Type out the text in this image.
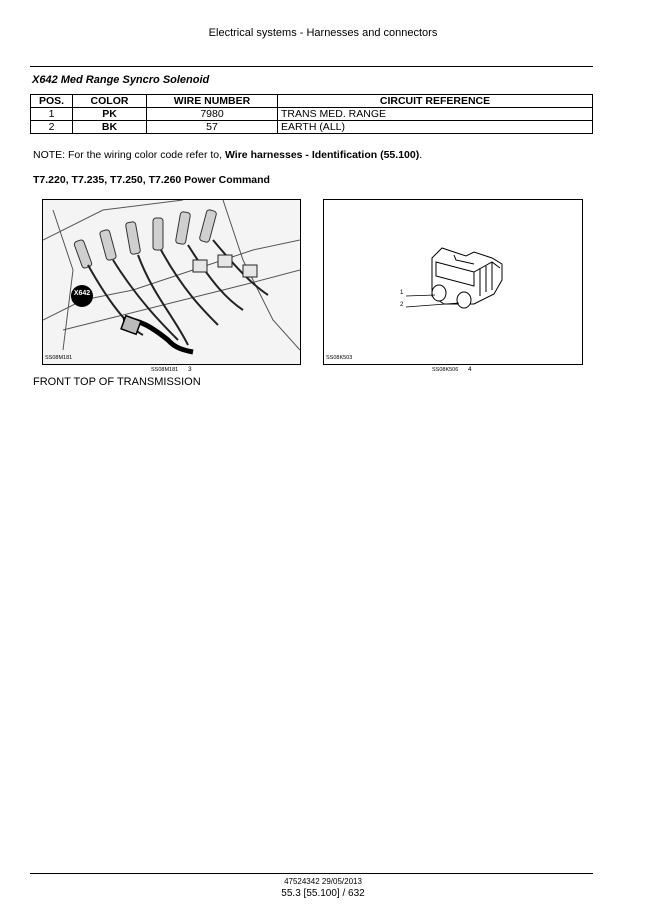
Electrical systems - Harnesses and connectors
X642 Med Range Syncro Solenoid
POS.	COLOR	WIRE NUMBER	CIRCUIT REFERENCE
1	PK	7980	TRANS MED. RANGE
2	BK	57	EARTH (ALL)
NOTE: For the wiring color code refer to, Wire harnesses - Identification (55.100).
T7.220, T7.235, T7.250, T7.260 Power Command
SS08M181
X642
SS08M181 3
1
2
SS08K503
SS08K506 4
FRONT TOP OF TRANSMISSION
47524342 29/05/2013
55.3 [55.100] / 632
